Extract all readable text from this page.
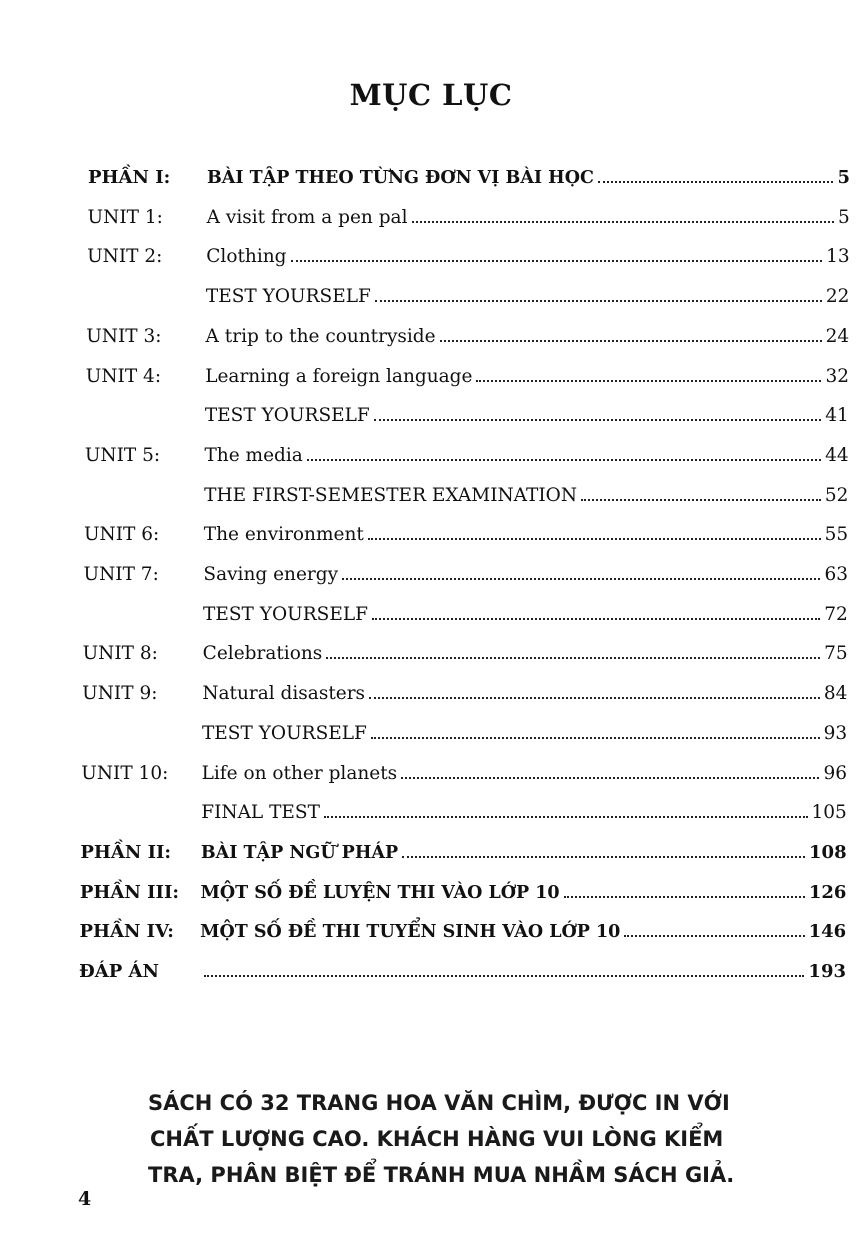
MỤC LỤC
PHẦN I: BÀI TẬP THEO TỪNG ĐƠN VỊ BÀI HỌC	5
UNIT 1: A visit from a pen pal	5
UNIT 2: Clothing	13
TEST YOURSELF	22
UNIT 3: A trip to the countryside	24
UNIT 4: Learning a foreign language	32
TEST YOURSELF	41
UNIT 5: The media	44
THE FIRST-SEMESTER EXAMINATION	52
UNIT 6: The environment	55
UNIT 7: Saving energy	63
TEST YOURSELF	72
UNIT 8: Celebrations	75
UNIT 9: Natural disasters	84
TEST YOURSELF	93
UNIT 10: Life on other planets	96
FINAL TEST	105
PHẦN II: BÀI TẬP NGỮ PHÁP	108
PHẦN III: MỘT SỐ ĐỀ LUYỆN THI VÀO LỚP 10	126
PHẦN IV: MỘT SỐ ĐỀ THI TUYỂN SINH VÀO LỚP 10	146
ĐÁP ÁN	193
SÁCH CÓ 32 TRANG HOA VĂN CHÌM, ĐƯỢC IN VỚI
CHẤT LƯỢNG CAO. KHÁCH HÀNG VUI LÒNG KIỂM
TRA, PHÂN BIỆT ĐỂ TRÁNH MUA NHẦM SÁCH GIẢ.
4
